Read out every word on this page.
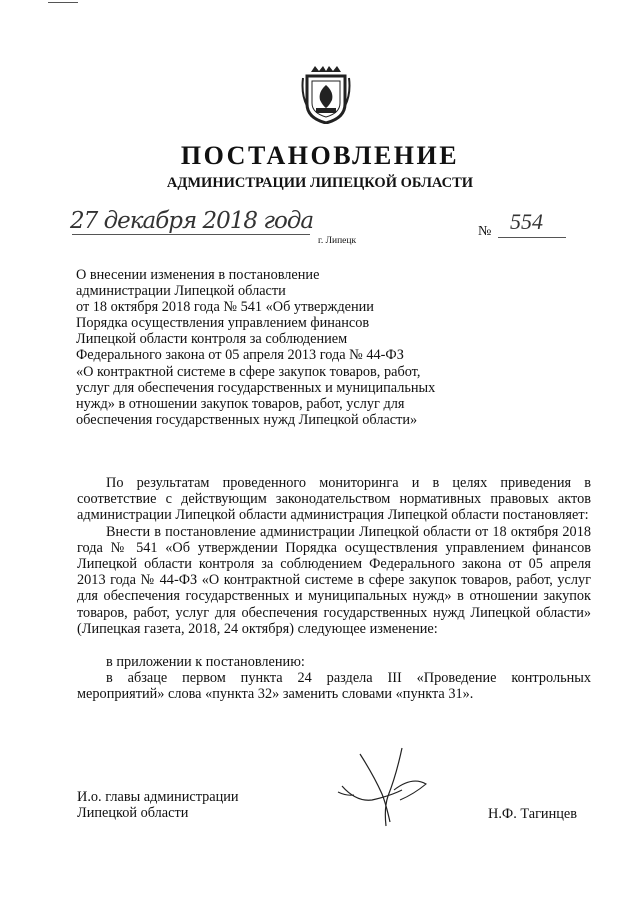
ПОСТАНОВЛЕНИЕ
АДМИНИСТРАЦИИ ЛИПЕЦКОЙ ОБЛАСТИ
27 декабря 2018 года
г. Липецк
№ 554
О внесении изменения в постановление
администрации Липецкой области
от 18 октября 2018 года № 541 «Об утверждении
Порядка осуществления управлением финансов
Липецкой области контроля за соблюдением
Федерального закона от 05 апреля 2013 года № 44-ФЗ
«О контрактной системе в сфере закупок товаров, работ,
услуг для обеспечения государственных и муниципальных
нужд» в отношении закупок товаров, работ, услуг для
обеспечения государственных нужд Липецкой области»

По результатам проведенного мониторинга и в целях приведения в соответствие с действующим законодательством нормативных правовых актов администрации Липецкой области администрация Липецкой области постановляет:

Внести в постановление администрации Липецкой области от 18 октября 2018 года № 541 «Об утверждении Порядка осуществления управлением финансов Липецкой области контроля за соблюдением Федерального закона от 05 апреля 2013 года № 44-ФЗ «О контрактной системе в сфере закупок товаров, работ, услуг для обеспечения государственных и муниципальных нужд» в отношении закупок товаров, работ, услуг для обеспечения государственных нужд Липецкой области» (Липецкая газета, 2018, 24 октября) следующее изменение:

в приложении к постановлению:

в абзаце первом пункта 24 раздела III «Проведение контрольных мероприятий» слова «пункта 32» заменить словами «пункта 31».

И.о. главы администрации
Липецкой области	Н.Ф. Тагинцев
